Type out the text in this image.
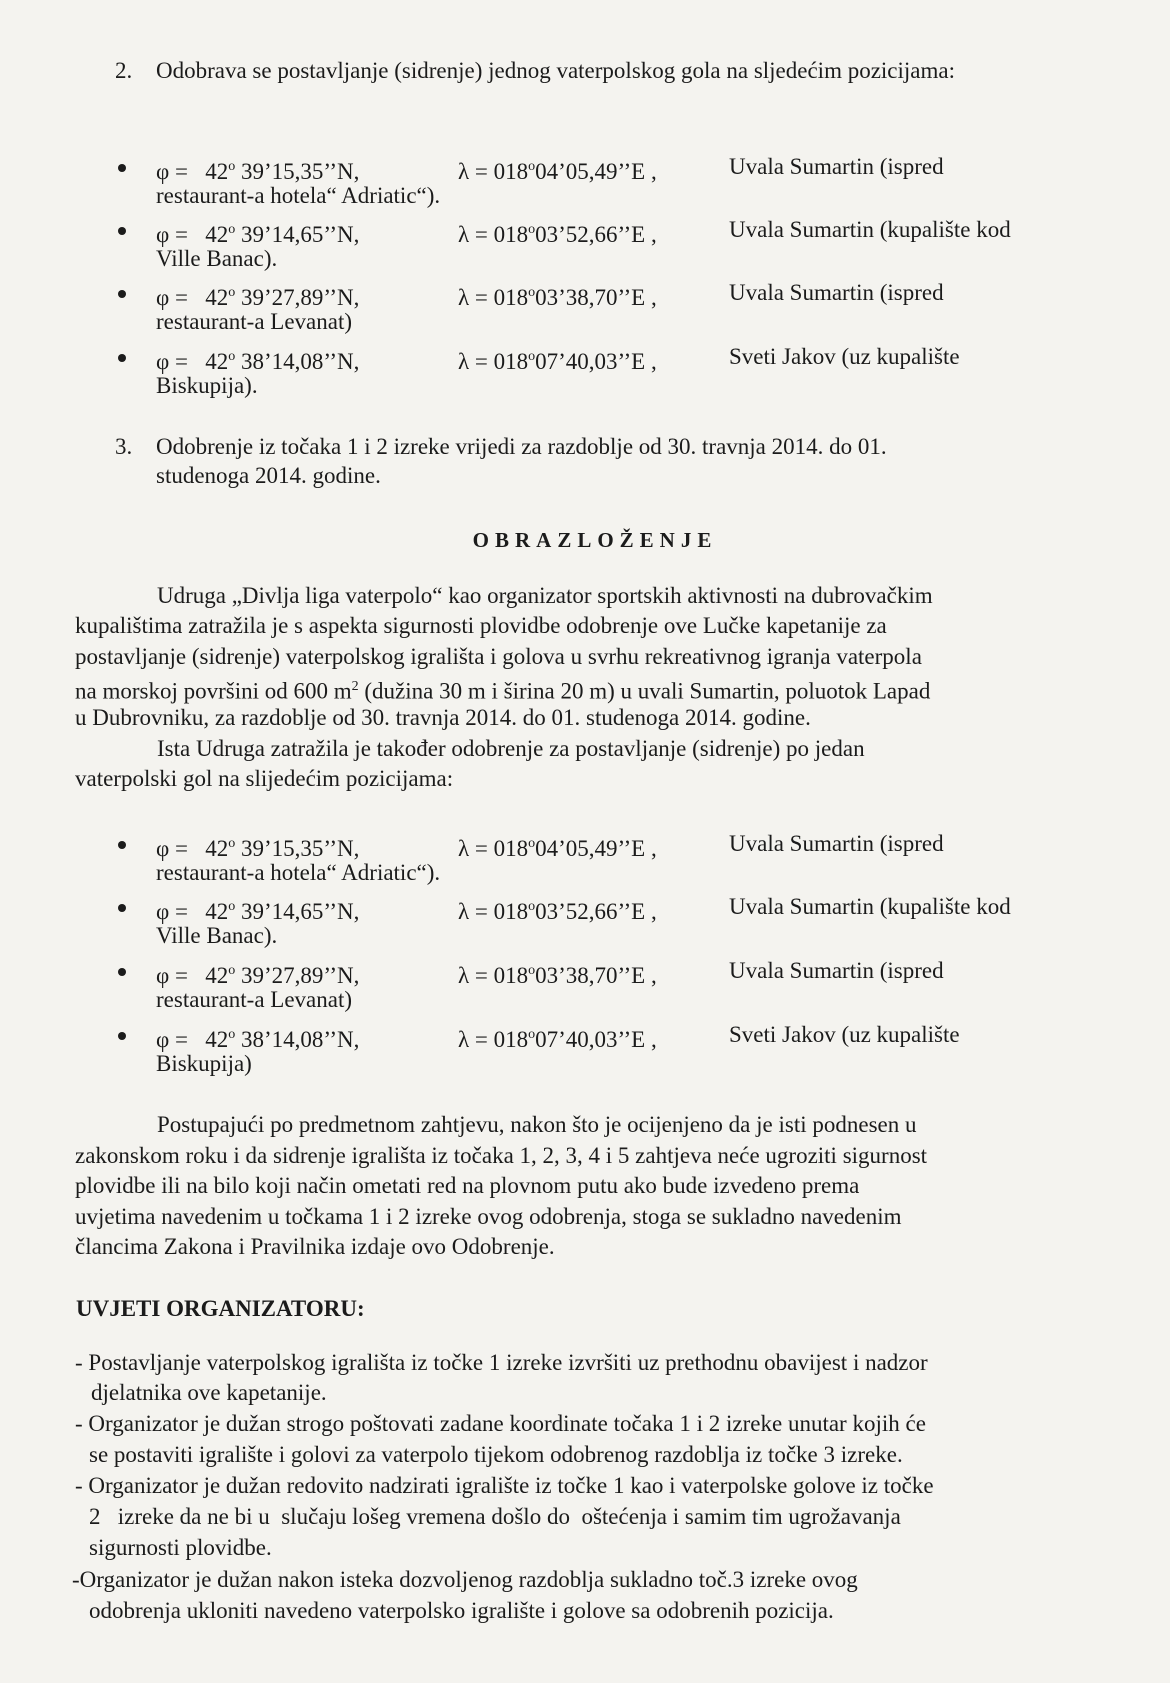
2. Odobrava se postavljanje (sidrenje) jednog vaterpolskog gola na sljedećim pozicijama:
$\varphi = 42^o$ 39’15,35’’N,	$\lambda = 018^o04’05,49’’E$ ,	Uvala Sumartin (ispred
restaurant-a hotela“ Adriatic“).
$\varphi = 42^o$ 39’14,65’’N,	$\lambda = 018^o03’52,66’’E$ ,	Uvala Sumartin (kupalište kod
Ville Banac).
$\varphi = 42^o$ 39’27,89’’N,	$\lambda = 018^o03’38,70’’E$ ,	Uvala Sumartin (ispred
restaurant-a Levanat)
$\varphi = 42^o$ 38’14,08’’N,	$\lambda = 018^o07’40,03’’E$ ,	Sveti Jakov (uz kupalište
Biskupija).
3. Odobrenje iz točaka 1 i 2 izreke vrijedi za razdoblje od 30. travnja 2014. do 01.
studenoga 2014. godine.
OBRAZLOŽENJE
Udruga „Divlja liga vaterpolo“ kao organizator sportskih aktivnosti na dubrovačkim
kupalištima zatražila je s aspekta sigurnosti plovidbe odobrenje ove Lučke kapetanije za
postavljanje (sidrenje) vaterpolskog igrališta i golova u svrhu rekreativnog igranja vaterpola
na morskoj površini od 600 $m^2$ (dužina 30 m i širina 20 m) u uvali Sumartin, poluotok Lapad
u Dubrovniku, za razdoblje od 30. travnja 2014. do 01. studenoga 2014. godine.
Ista Udruga zatražila je također odobrenje za postavljanje (sidrenje) po jedan
vaterpolski gol na slijedećim pozicijama:
$\varphi = 42^o$ 39’15,35’’N,	$\lambda = 018^o04’05,49’’E$ ,	Uvala Sumartin (ispred
restaurant-a hotela“ Adriatic“).
$\varphi = 42^o$ 39’14,65’’N,	$\lambda = 018^o03’52,66’’E$ ,	Uvala Sumartin (kupalište kod
Ville Banac).
$\varphi = 42^o$ 39’27,89’’N,	$\lambda = 018^o03’38,70’’E$ ,	Uvala Sumartin (ispred
restaurant-a Levanat)
$\varphi = 42^o$ 38’14,08’’N,	$\lambda = 018^o07’40,03’’E$ ,	Sveti Jakov (uz kupalište
Biskupija)
Postupajući po predmetnom zahtjevu, nakon što je ocijenjeno da je isti podnesen u
zakonskom roku i da sidrenje igrališta iz točaka 1, 2, 3, 4 i 5 zahtjeva neće ugroziti sigurnost
plovidbe ili na bilo koji način ometati red na plovnom putu ako bude izvedeno prema
uvjetima navedenim u točkama 1 i 2 izreke ovog odobrenja, stoga se sukladno navedenim
člancima Zakona i Pravilnika izdaje ovo Odobrenje.
UVJETI ORGANIZATORU:
- Postavljanje vaterpolskog igrališta iz točke 1 izreke izvršiti uz prethodnu obavijest i nadzor
djelatnika ove kapetanije.
- Organizator je dužan strogo poštovati zadane koordinate točaka 1 i 2 izreke unutar kojih će
se postaviti igralište i golovi za vaterpolo tijekom odobrenog razdoblja iz točke 3 izreke.
- Organizator je dužan redovito nadzirati igralište iz točke 1 kao i vaterpolske golove iz točke
2   izreke da ne bi u  slučaju lošeg vremena došlo do  oštećenja i samim tim ugrožavanja
sigurnosti plovidbe.
-Organizator je dužan nakon isteka dozvoljenog razdoblja sukladno toč.3 izreke ovog
odobrenja ukloniti navedeno vaterpolsko igralište i golove sa odobrenih pozicija.
